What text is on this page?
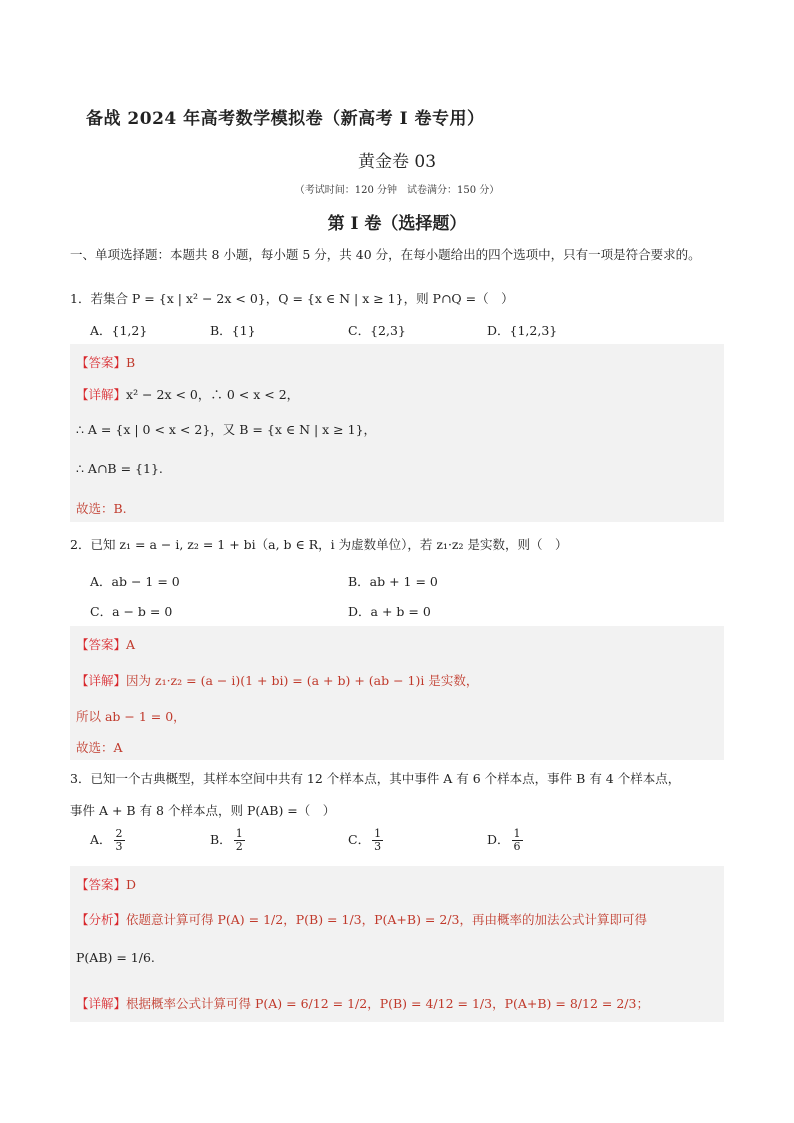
备战 2024 年高考数学模拟卷（新高考 I 卷专用）
黄金卷 03
（考试时间：120 分钟　试卷满分：150 分）
第 I 卷（选择题）
一、单项选择题：本题共 8 小题，每小题 5 分，共 40 分，在每小题给出的四个选项中，只有一项是符合要求的。
1．若集合 P = {x | x² − 2x < 0}，Q = {x ∈ N | x ≥ 1}，则 P∩Q =（　）
A．{1,2}	B．{1}	C．{2,3}	D．{1,2,3}
【答案】B
【详解】x² − 2x < 0，∴ 0 < x < 2，
∴ A = {x | 0 < x < 2}，又 B = {x ∈ N | x ≥ 1}，
∴ A∩B = {1}.
故选：B.
2．已知 z₁ = a − i, z₂ = 1 + bi（a, b ∈ R，i 为虚数单位），若 z₁·z₂ 是实数，则（　）
A．ab − 1 = 0	B．ab + 1 = 0
C．a − b = 0	D．a + b = 0
【答案】A
【详解】因为 z₁·z₂ = (a − i)(1 + bi) = (a + b) + (ab − 1)i 是实数，
所以 ab − 1 = 0，
故选：A
3．已知一个古典概型，其样本空间中共有 12 个样本点，其中事件 A 有 6 个样本点，事件 B 有 4 个样本点，
事件 A + B 有 8 个样本点，则 P(AB) =（　）
A． $\frac{2}{3}$	B． $\frac{1}{2}$	C． $\frac{1}{3}$	D． $\frac{1}{6}$
【答案】D
【分析】依题意计算可得 P(A) = 1/2，P(B) = 1/3，P(A+B) = 2/3，再由概率的加法公式计算即可得
P(AB) = 1/6.
【详解】根据概率公式计算可得 P(A) = 6/12 = 1/2，P(B) = 4/12 = 1/3，P(A+B) = 8/12 = 2/3；
